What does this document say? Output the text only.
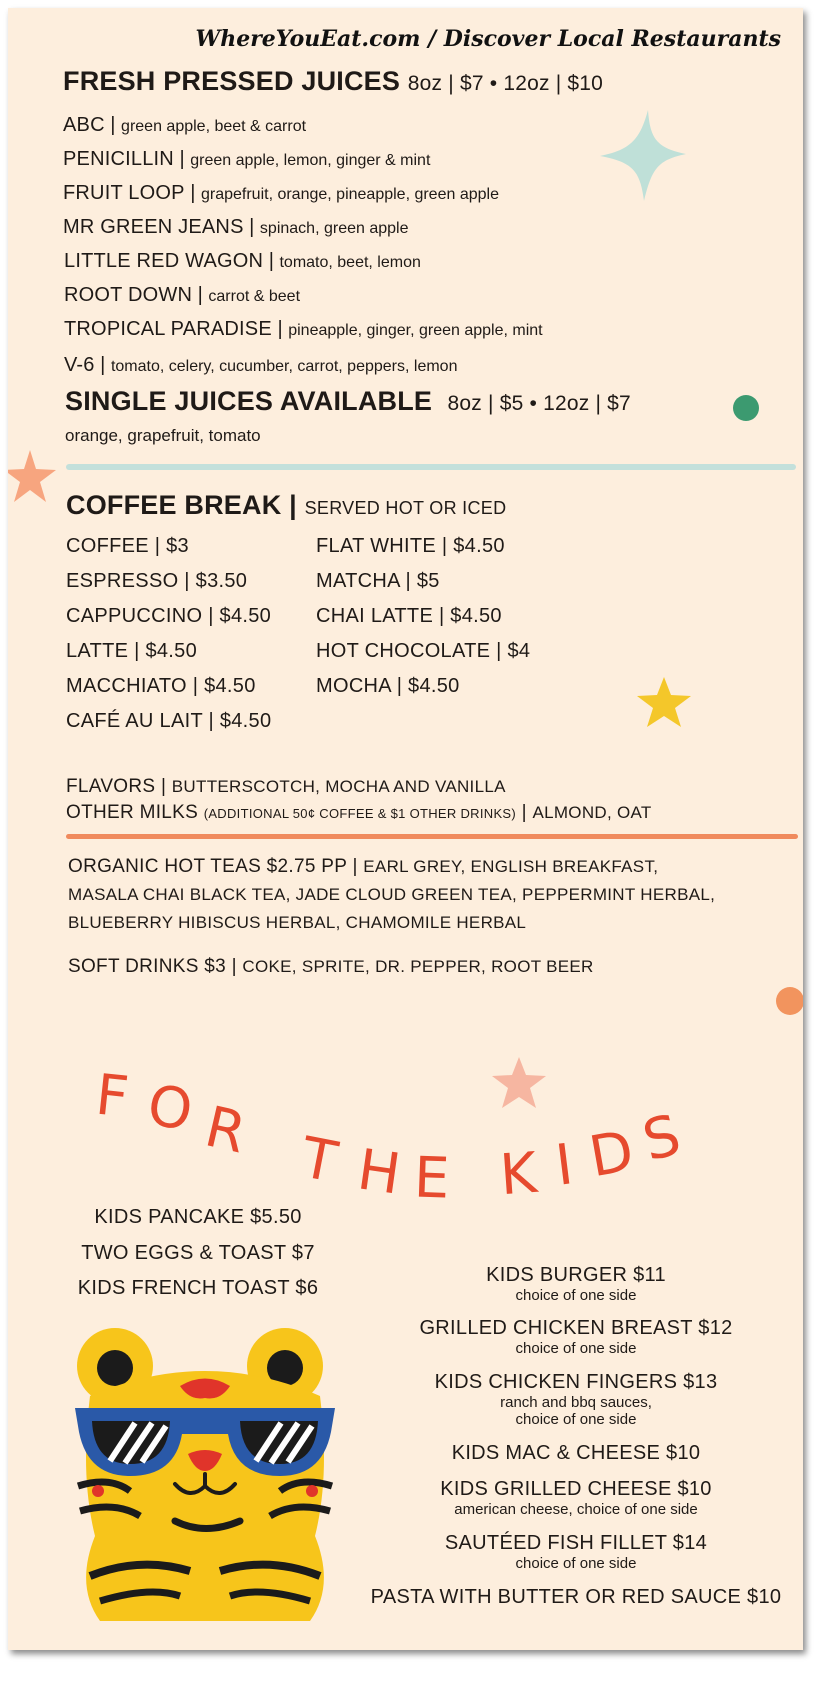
WhereYouEat.com / Discover Local Restaurants
FRESH PRESSED JUICES 8oz | $7 • 12oz | $10
ABC | green apple, beet & carrot
PENICILLIN | green apple, lemon, ginger & mint
FRUIT LOOP | grapefruit, orange, pineapple, green apple
MR GREEN JEANS | spinach, green apple
LITTLE RED WAGON | tomato, beet, lemon
ROOT DOWN | carrot & beet
TROPICAL PARADISE | pineapple, ginger, green apple, mint
V-6 | tomato, celery, cucumber, carrot, peppers, lemon
SINGLE JUICES AVAILABLE 8oz | $5 • 12oz | $7
orange, grapefruit, tomato
COFFEE BREAK | SERVED HOT OR ICED
COFFEE | $3
ESPRESSO | $3.50
CAPPUCCINO | $4.50
LATTE | $4.50
MACCHIATO | $4.50
CAFÉ AU LAIT | $4.50
FLAT WHITE | $4.50
MATCHA | $5
CHAI LATTE | $4.50
HOT CHOCOLATE | $4
MOCHA | $4.50
FLAVORS | BUTTERSCOTCH, MOCHA AND VANILLA
OTHER MILKS (ADDITIONAL 50¢ COFFEE & $1 OTHER DRINKS) | ALMOND, OAT
ORGANIC HOT TEAS $2.75 PP | EARL GREY, ENGLISH BREAKFAST,
MASALA CHAI BLACK TEA, JADE CLOUD GREEN TEA, PEPPERMINT HERBAL,
BLUEBERRY HIBISCUS HERBAL, CHAMOMILE HERBAL
SOFT DRINKS $3 | COKE, SPRITE, DR. PEPPER, ROOT BEER
F O R T H E K I D
S
KIDS PANCAKE $5.50
TWO EGGS & TOAST $7
KIDS FRENCH TOAST $6
KIDS BURGER $11
choice of one side
GRILLED CHICKEN BREAST $12
choice of one side
KIDS CHICKEN FINGERS $13
ranch and bbq sauces,
choice of one side
KIDS MAC & CHEESE $10
KIDS GRILLED CHEESE $10
american cheese, choice of one side
SAUTÉED FISH FILLET $14
choice of one side
PASTA WITH BUTTER OR RED SAUCE $10
